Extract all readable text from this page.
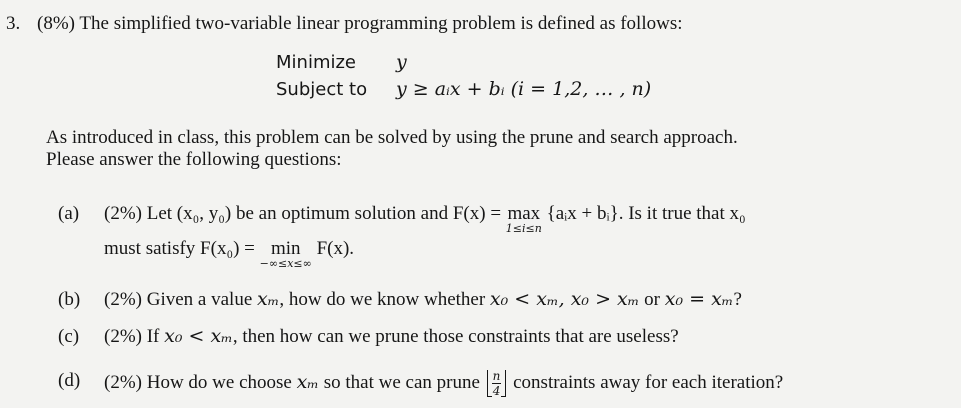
3. (8%) The simplified two-variable linear programming problem is defined as follows:
Minimize y
Subject to y ≥ aᵢx + bᵢ (i = 1,2, … , n)
As introduced in class, this problem can be solved by using the prune and search approach.
Please answer the following questions:
(a) (2%) Let (x₀, y₀) be an optimum solution and F(x) = max
1≤i≤n
{aᵢx + bᵢ}. Is it true that x₀
must satisfy F(x₀) = min
−∞≤x≤∞
F(x).
(b) (2%) Given a value xₘ, how do we know whether x₀ < xₘ, x₀ > xₘ or x₀ = xₘ?
(c) (2%) If x₀ < xₘ, then how can we prune those constraints that are useless?
(d) (2%) How do we choose xₘ so that we can prune $\frac{n}{4}$ constraints away for each iteration?
